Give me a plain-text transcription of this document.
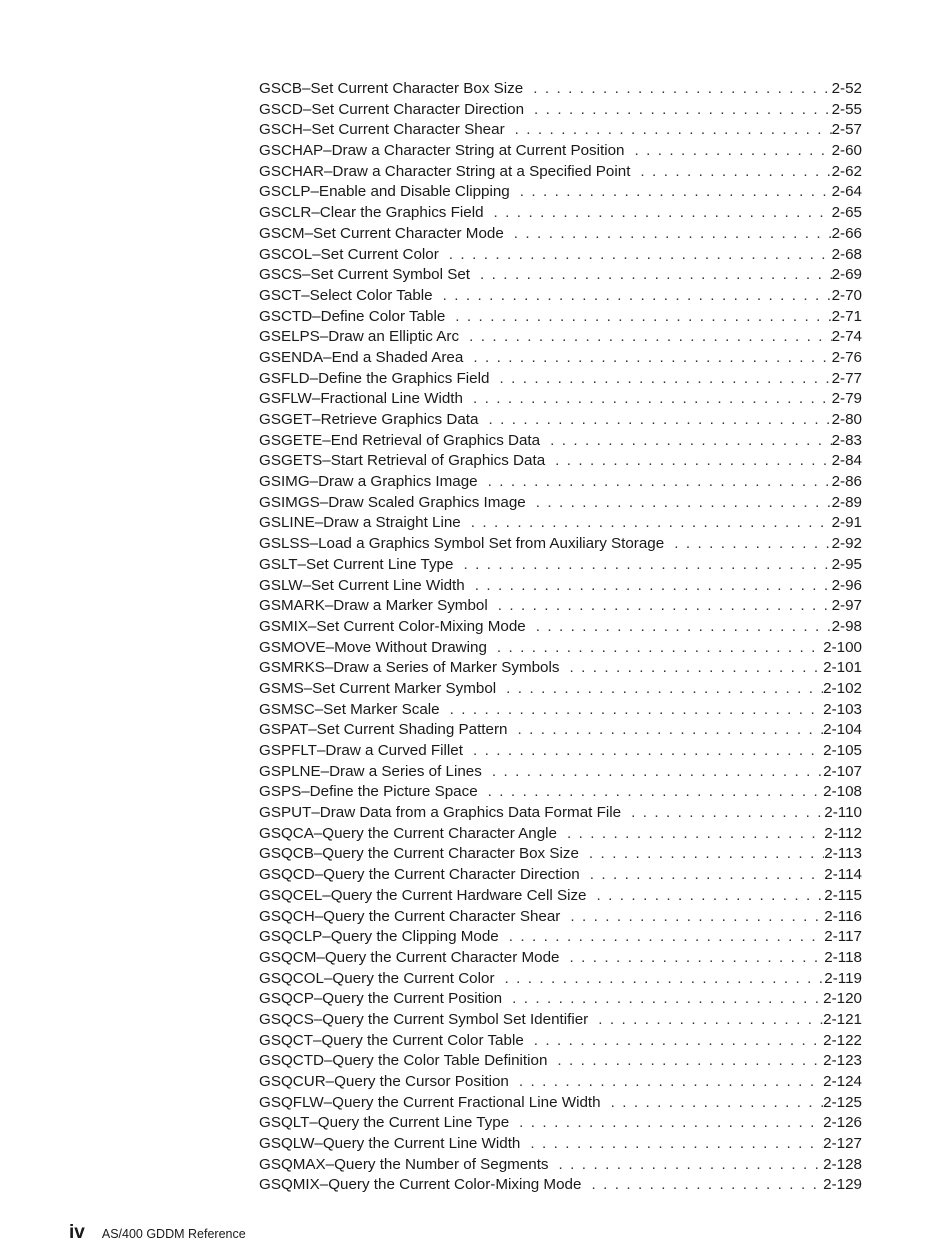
GSCB–Set Current Character Box Size . . .	2-52
GSCD–Set Current Character Direction . . .	2-55
GSCH–Set Current Character Shear . . .	2-57
GSCHAP–Draw a Character String at Current Position . . .	2-60
GSCHAR–Draw a Character String at a Specified Point . . .	2-62
GSCLP–Enable and Disable Clipping . . .	2-64
GSCLR–Clear the Graphics Field . . .	2-65
GSCM–Set Current Character Mode . . .	2-66
GSCOL–Set Current Color . . .	2-68
GSCS–Set Current Symbol Set . . .	2-69
GSCT–Select Color Table . . .	2-70
GSCTD–Define Color Table . . .	2-71
GSELPS–Draw an Elliptic Arc . . .	2-74
GSENDA–End a Shaded Area . . .	2-76
GSFLD–Define the Graphics Field . . .	2-77
GSFLW–Fractional Line Width . . .	2-79
GSGET–Retrieve Graphics Data . . .	2-80
GSGETE–End Retrieval of Graphics Data . . .	2-83
GSGETS–Start Retrieval of Graphics Data . . .	2-84
GSIMG–Draw a Graphics Image . . .	2-86
GSIMGS–Draw Scaled Graphics Image . . .	2-89
GSLINE–Draw a Straight Line . . .	2-91
GSLSS–Load a Graphics Symbol Set from Auxiliary Storage . . .	2-92
GSLT–Set Current Line Type . . .	2-95
GSLW–Set Current Line Width . . .	2-96
GSMARK–Draw a Marker Symbol . . .	2-97
GSMIX–Set Current Color-Mixing Mode . . .	2-98
GSMOVE–Move Without Drawing . . .	2-100
GSMRKS–Draw a Series of Marker Symbols . . .	2-101
GSMS–Set Current Marker Symbol . . .	2-102
GSMSC–Set Marker Scale . . .	2-103
GSPAT–Set Current Shading Pattern . . .	2-104
GSPFLT–Draw a Curved Fillet . . .	2-105
GSPLNE–Draw a Series of Lines . . .	2-107
GSPS–Define the Picture Space . . .	2-108
GSPUT–Draw Data from a Graphics Data Format File . . .	2-110
GSQCA–Query the Current Character Angle . . .	2-112
GSQCB–Query the Current Character Box Size . . .	2-113
GSQCD–Query the Current Character Direction . . .	2-114
GSQCEL–Query the Current Hardware Cell Size . . .	2-115
GSQCH–Query the Current Character Shear . . .	2-116
GSQCLP–Query the Clipping Mode . . .	2-117
GSQCM–Query the Current Character Mode . . .	2-118
GSQCOL–Query the Current Color . . .	2-119
GSQCP–Query the Current Position . . .	2-120
GSQCS–Query the Current Symbol Set Identifier . . .	2-121
GSQCT–Query the Current Color Table . . .	2-122
GSQCTD–Query the Color Table Definition . . .	2-123
GSQCUR–Query the Cursor Position . . .	2-124
GSQFLW–Query the Current Fractional Line Width . . .	2-125
GSQLT–Query the Current Line Type . . .	2-126
GSQLW–Query the Current Line Width . . .	2-127
GSQMAX–Query the Number of Segments . . .	2-128
GSQMIX–Query the Current Color-Mixing Mode . . .	2-129
iv AS/400 GDDM Reference
